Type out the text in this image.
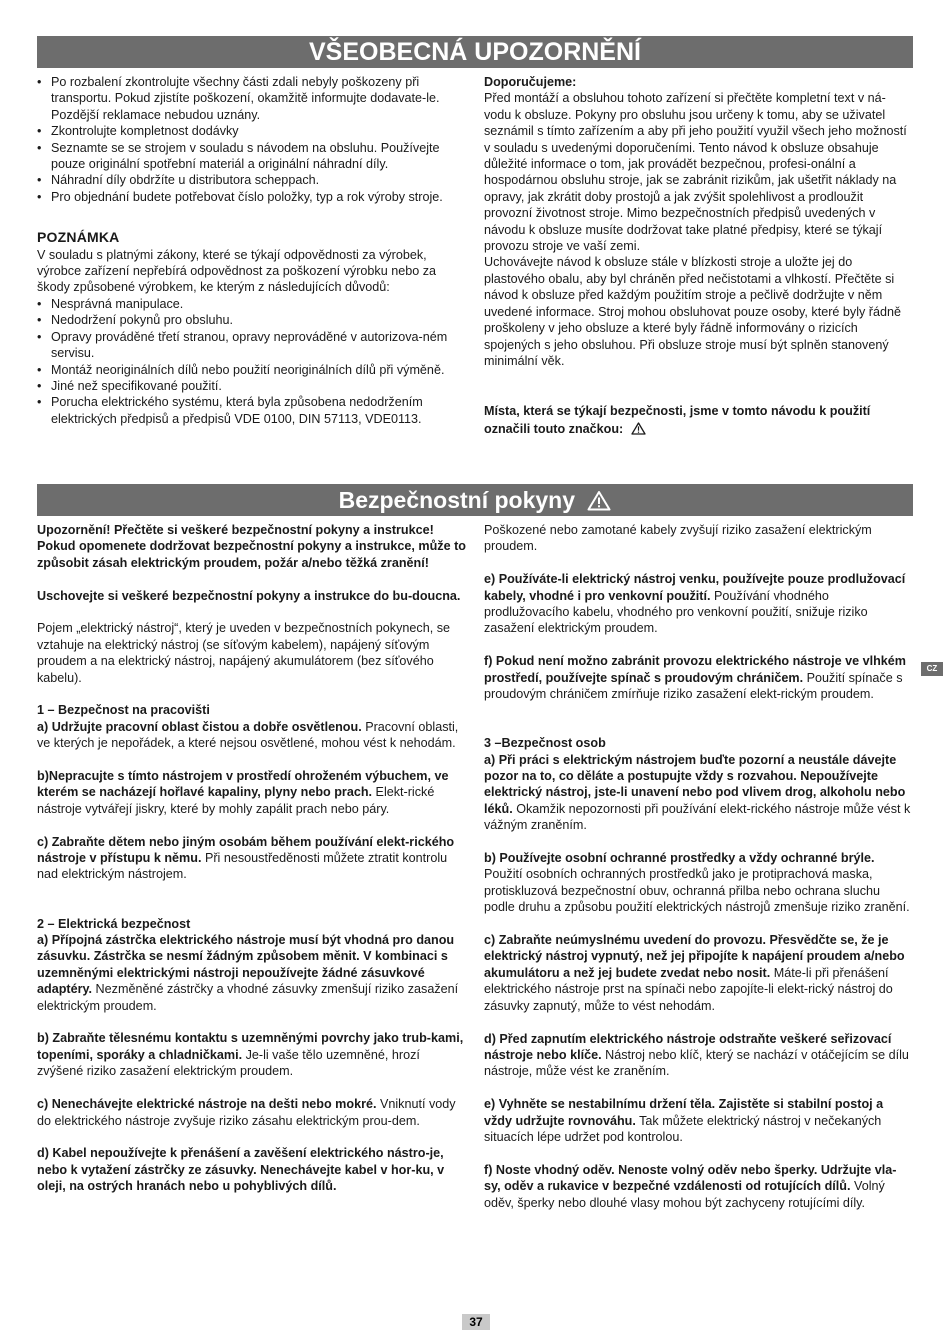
VŠEOBECNÁ UPOZORNĚNÍ
• Po rozbalení zkontrolujte všechny části zdali nebyly poškozeny při transportu. Pokud zjistíte poškození, okamžitě informujte dodavate-le. Pozdější reklamace nebudou uznány.
• Zkontrolujte kompletnost dodávky
• Seznamte se se strojem v souladu s návodem na obsluhu. Používejte pouze originální spotřební materiál a originální náhradní díly.
• Náhradní díly obdržíte u distributora scheppach.
• Pro objednání budete potřebovat číslo položky, typ a rok výroby stroje.

POZNÁMKA

V souladu s platnými zákony, které se týkají odpovědnosti za výrobek, výrobce zařízení nepřebírá odpovědnost za poškození výrobku nebo za škody způsobené výrobkem, ke kterým z následujících důvodů:

• Nesprávná manipulace.
• Nedodržení pokynů pro obsluhu.
• Opravy prováděné třetí stranou, opravy neprováděné v autorizova-ném servisu.
• Montáž neoriginálních dílů nebo použití neoriginálních dílů při výměně.
• Jiné než specifikované použití.
• Porucha elektrického systému, která byla způsobena nedodržením elektrických předpisů a předpisů VDE 0100, DIN 57113, VDE0113.

Doporučujeme:

Před montáží a obsluhou tohoto zařízení si přečtěte kompletní text v ná-vodu k obsluze. Pokyny pro obsluhu jsou určeny k tomu, aby se uživatel seznámil s tímto zařízením a aby při jeho použití využil všech jeho možností v souladu s uvedenými doporučeními. Tento návod k obsluze obsahuje důležité informace o tom, jak provádět bezpečnou, profesi-onální a hospodárnou obsluhu stroje, jak se zabránit rizikům, jak ušetřit náklady na opravy, jak zkrátit doby prostojů a jak zvýšit spolehlivost a prodloužit provozní životnost stroje. Mimo bezpečnostních předpisů uvedených v návodu k obsluze musíte dodržovat take platné předpisy, které se týkají provozu stroje ve vaší zemi.

Uchovávejte návod k obsluze stále v blízkosti stroje a uložte jej do plastového obalu, aby byl chráněn před nečistotami a vlhkostí. Přečtěte si návod k obsluze před každým použitím stroje a pečlivě dodržujte v něm uvedené informace. Stroj mohou obsluhovat pouze osoby, které byly řádně proškoleny v jeho obsluze a které byly řádně informovány o rizicích spojených s jeho obsluhou. Při obsluze stroje musí být splněn stanovený minimální věk.

Místa, která se týkají bezpečnosti, jsme v tomto návodu k použití označili touto značkou:

Bezpečnostní pokyny

Upozornění! Přečtěte si veškeré bezpečnostní pokyny a instrukce! Pokud opomenete dodržovat bezpečnostní pokyny a instrukce, může to způsobit zásah elektrickým proudem, požár a/nebo těžká zranění!

Uschovejte si veškeré bezpečnostní pokyny a instrukce do bu-doucna.

Pojem „elektrický nástroj“, který je uveden v bezpečnostních pokynech, se vztahuje na elektrický nástroj (se síťovým kabelem), napájený síťovým proudem a na elektrický nástroj, napájený akumulátorem (bez síťového kabelu).

1 – Bezpečnost na pracovišti

a) Udržujte pracovní oblast čistou a dobře osvětlenou. Pracovní oblasti, ve kterých je nepořádek, a které nejsou osvětlené, mohou vést k nehodám.

b)Nepracujte s tímto nástrojem v prostředí ohroženém výbuchem, ve kterém se nacházejí hořlavé kapaliny, plyny nebo prach. Elekt-rické nástroje vytvářejí jiskry, které by mohly zapálit prach nebo páry.

c) Zabraňte dětem nebo jiným osobám během používání elekt-rického nástroje v přístupu k němu. Při nesoustředěnosti můžete ztratit kontrolu nad elektrickým nástrojem.

2 – Elektrická bezpečnost

a) Přípojná zástrčka elektrického nástroje musí být vhodná pro danou zásuvku. Zástrčka se nesmí žádným způsobem měnit. V kombinaci s uzemněnými elektrickými nástroji nepoužívejte žádné zásuvkové adaptéry. Nezměněné zástrčky a vhodné zásuvky zmenšují riziko zasažení elektrickým proudem.

b) Zabraňte tělesnému kontaktu s uzemněnými povrchy jako trub-kami, topeními, sporáky a chladničkami. Je-li vaše tělo uzemněné, hrozí zvýšené riziko zasažení elektrickým proudem.

c) Nenechávejte elektrické nástroje na dešti nebo mokré. Vniknutí vody do elektrického nástroje zvyšuje riziko zásahu elektrickým prou-dem.

d) Kabel nepoužívejte k přenášení a zavěšení elektrického nástro-je, nebo k vytažení zástrčky ze zásuvky. Nenechávejte kabel v hor-ku, v oleji, na ostrých hranách nebo u pohyblivých dílů.

Poškozené nebo zamotané kabely zvyšují riziko zasažení elektrickým proudem.

e) Používáte-li elektrický nástroj venku, používejte pouze prodlužovací kabely, vhodné i pro venkovní použití. Používání vhodného prodlužovacího kabelu, vhodného pro venkovní použití, snižuje riziko zasažení elektrickým proudem.

f) Pokud není možno zabránit provozu elektrického nástroje ve vlhkém prostředí, používejte spínač s proudovým chráničem. Použití spínače s proudovým chráničem zmírňuje riziko zasažení elekt-rickým proudem.

3 –Bezpečnost osob

a) Při práci s elektrickým nástrojem buďte pozorní a neustále dávejte pozor na to, co děláte a postupujte vždy s rozvahou. Nepoužívejte elektrický nástroj, jste-li unavení nebo pod vlivem drog, alkoholu nebo léků. Okamžik nepozornosti při používání elekt-rického nástroje může vést k vážným zraněním.

b) Používejte osobní ochranné prostředky a vždy ochranné brýle. Použití osobních ochranných prostředků jako je protiprachová maska, protiskluzová bezpečnostní obuv, ochranná přilba nebo ochrana sluchu podle druhu a způsobu použití elektrických nástrojů zmenšuje riziko zranění.

c) Zabraňte neúmyslnému uvedení do provozu. Přesvědčte se, že je elektrický nástroj vypnutý, než jej připojíte k napájení proudem a/nebo akumulátoru a než jej budete zvedat nebo nosit. Máte-li při přenášení elektrického nástroje prst na spínači nebo zapojíte-li elekt-rický nástroj do zásuvky zapnutý, může to vést nehodám.

d) Před zapnutím elektrického nástroje odstraňte veškeré seřizovací nástroje nebo klíče. Nástroj nebo klíč, který se nachází v otáčejícím se dílu nástroje, může vést ke zraněním.

e) Vyhněte se nestabilnímu držení těla. Zajistěte si stabilní postoj a vždy udržujte rovnováhu. Tak můžete elektrický nástroj v nečekaných situacích lépe udržet pod kontrolou.

f) Noste vhodný oděv. Nenoste volný oděv nebo šperky. Udržujte vla-sy, oděv a rukavice v bezpečné vzdálenosti od rotujících dílů. Volný oděv, šperky nebo dlouhé vlasy mohou být zachyceny rotujícími díly.

CZ
37
